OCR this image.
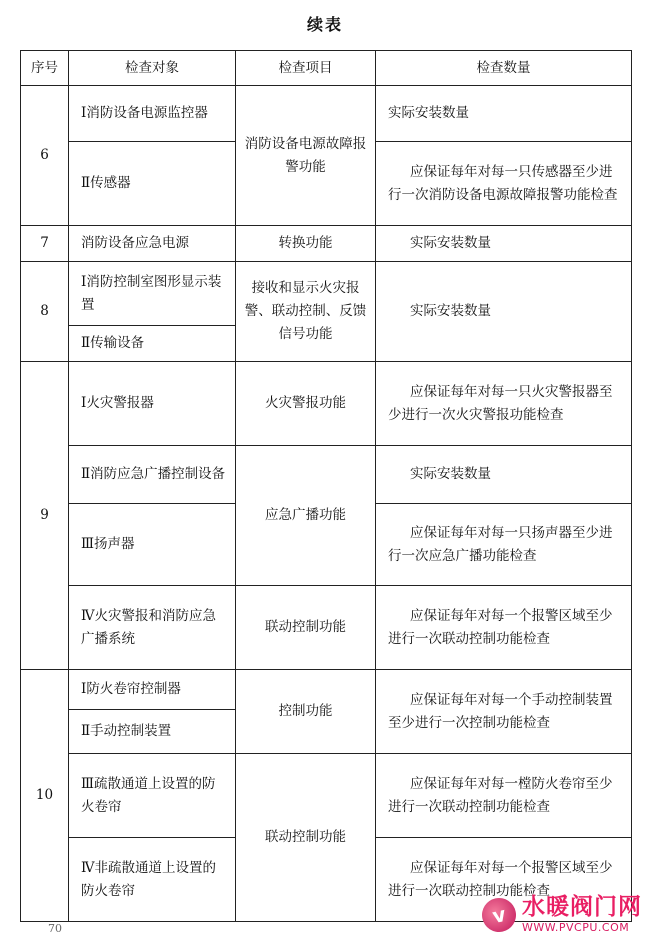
续表
序号	检查对象	检查项目	检查数量
6	Ⅰ消防设备电源监控器	消防设备电源故障报警功能	实际安装数量
	Ⅱ传感器		应保证每年对每一只传感器至少进行一次消防设备电源故障报警功能检查
7	消防设备应急电源	转换功能	实际安装数量
8	Ⅰ消防控制室图形显示装置	接收和显示火灾报警、联动控制、反馈信号功能	实际安装数量
	Ⅱ传输设备		
9	Ⅰ火灾警报器	火灾警报功能	应保证每年对每一只火灾警报器至少进行一次火灾警报功能检查
	Ⅱ消防应急广播控制设备	应急广播功能	实际安装数量
	Ⅲ扬声器		应保证每年对每一只扬声器至少进行一次应急广播功能检查
	Ⅳ火灾警报和消防应急广播系统	联动控制功能	应保证每年对每一个报警区域至少进行一次联动控制功能检查
10	Ⅰ防火卷帘控制器	控制功能	应保证每年对每一个手动控制装置至少进行一次控制功能检查
	Ⅱ手动控制装置		
	Ⅲ疏散通道上设置的防火卷帘	联动控制功能	应保证每年对每一樘防火卷帘至少进行一次联动控制功能检查
	Ⅳ非疏散通道上设置的防火卷帘		应保证每年对每一个报警区域至少进行一次联动控制功能检查
70
v 水暖阀门网
WWW.PVCPU.COM
